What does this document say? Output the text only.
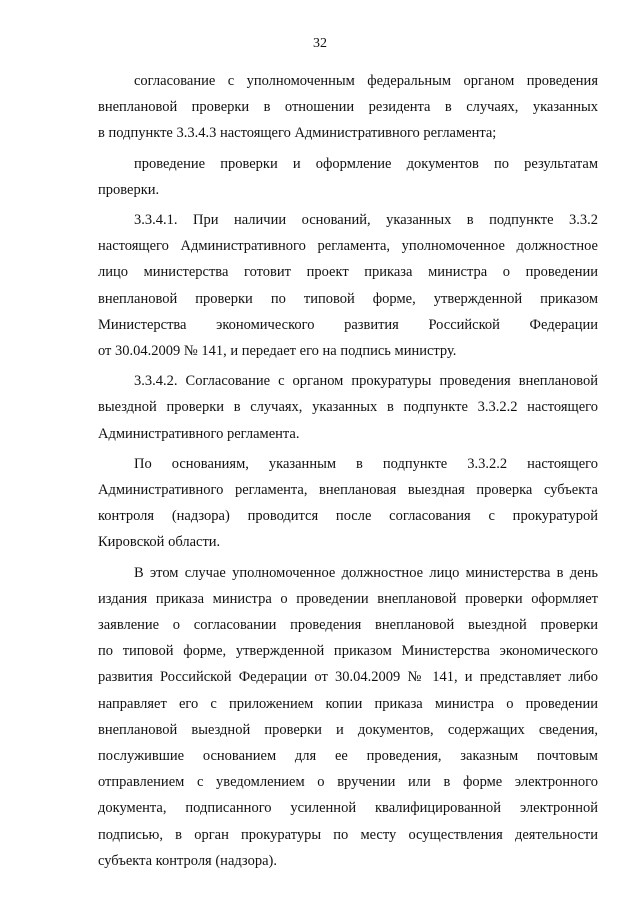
32
согласование с уполномоченным федеральным органом проведения
внеплановой проверки в отношении резидента в случаях, указанных
в подпункте 3.3.4.3 настоящего Административного регламента;
проведение проверки и оформление документов по результатам
проверки.
3.3.4.1. При наличии оснований, указанных в подпункте 3.3.2
настоящего Административного регламента, уполномоченное должностное
лицо министерства готовит проект приказа министра о проведении
внеплановой проверки по типовой форме, утвержденной приказом
Министерства экономического развития Российской Федерации
от 30.04.2009 № 141, и передает его на подпись министру.
3.3.4.2. Согласование с органом прокуратуры проведения внеплановой
выездной проверки в случаях, указанных в подпункте 3.3.2.2 настоящего
Административного регламента.
По основаниям, указанным в подпункте 3.3.2.2 настоящего
Административного регламента, внеплановая выездная проверка субъекта
контроля (надзора) проводится после согласования с прокуратурой
Кировской области.
В этом случае уполномоченное должностное лицо министерства в день
издания приказа министра о проведении внеплановой проверки оформляет
заявление о согласовании проведения внеплановой выездной проверки
по типовой форме, утвержденной приказом Министерства экономического
развития Российской Федерации от 30.04.2009 № 141, и представляет либо
направляет его с приложением копии приказа министра о проведении
внеплановой выездной проверки и документов, содержащих сведения,
послужившие основанием для ее проведения, заказным почтовым
отправлением с уведомлением о вручении или в форме электронного
документа, подписанного усиленной квалифицированной электронной
подписью, в орган прокуратуры по месту осуществления деятельности
субъекта контроля (надзора).
